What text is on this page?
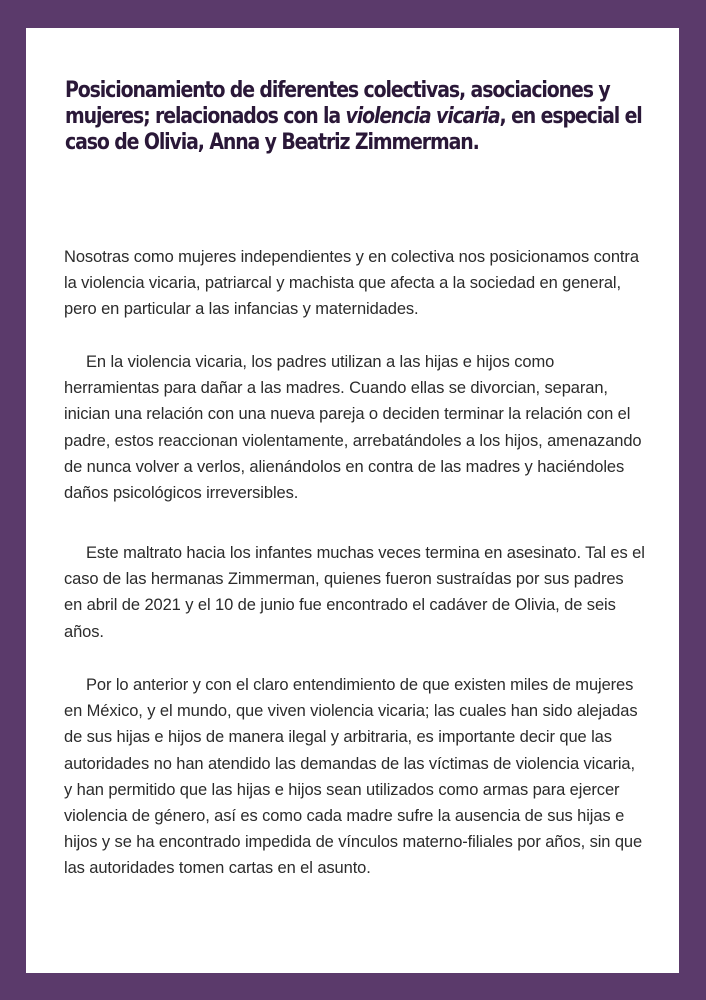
Posicionamiento de diferentes colectivas, asociaciones y mujeres; relacionados con la violencia vicaria, en especial el caso de Olivia, Anna y Beatriz Zimmerman.

Nosotras como mujeres independientes y en colectiva nos posicionamos contra la violencia vicaria, patriarcal y machista que afecta a la sociedad en general, pero en particular a las infancias y maternidades.

En la violencia vicaria, los padres utilizan a las hijas e hijos como herramientas para dañar a las madres. Cuando ellas se divorcian, separan, inician una relación con una nueva pareja o deciden terminar la relación con el padre, estos reaccionan violentamente, arrebatándoles a los hijos, amenazando de nunca volver a verlos, alienándolos en contra de las madres y haciéndoles daños psicológicos irreversibles.

Este maltrato hacia los infantes muchas veces termina en asesinato. Tal es el caso de las hermanas Zimmerman, quienes fueron sustraídas por sus padres en abril de 2021 y el 10 de junio fue encontrado el cadáver de Olivia, de seis años.

Por lo anterior y con el claro entendimiento de que existen miles de mujeres en México, y el mundo, que viven violencia vicaria; las cuales han sido alejadas de sus hijas e hijos de manera ilegal y arbitraria, es importante decir que las autoridades no han atendido las demandas de las víctimas de violencia vicaria, y han permitido que las hijas e hijos sean utilizados como armas para ejercer violencia de género, así es como cada madre sufre la ausencia de sus hijas e hijos y se ha encontrado impedida de vínculos materno-filiales por años, sin que las autoridades tomen cartas en el asunto.
